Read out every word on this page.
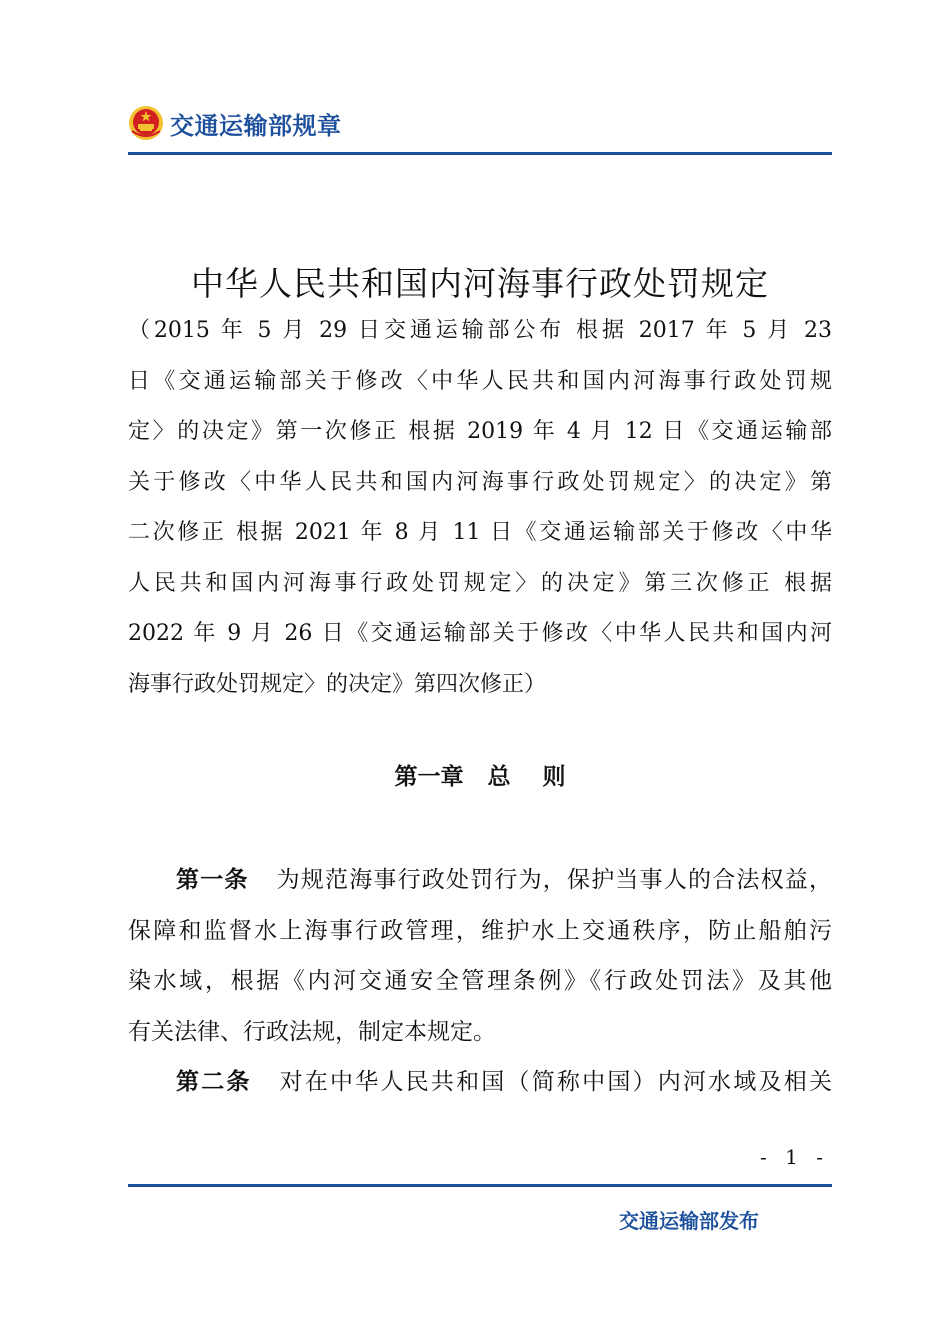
交通运输部规章
中华人民共和国内河海事行政处罚规定
（2015 年 5 月 29 日交通运输部公布 根据 2017 年 5 月 23
日《交通运输部关于修改〈中华人民共和国内河海事行政处罚规
定〉的决定》第一次修正 根据 2019 年 4 月 12 日《交通运输部
关于修改〈中华人民共和国内河海事行政处罚规定〉的决定》第
二次修正 根据 2021 年 8 月 11 日《交通运输部关于修改〈中华
人民共和国内河海事行政处罚规定〉的决定》第三次修正 根据
2022 年 9 月 26 日《交通运输部关于修改〈中华人民共和国内河
海事行政处罚规定〉的决定》第四次修正）
第一章   总    则
第一条 为规范海事行政处罚行为，保护当事人的合法权益，
保障和监督水上海事行政管理，维护水上交通秩序，防止船舶污
染水域，根据《内河交通安全管理条例》《行政处罚法》及其他
有关法律、行政法规，制定本规定。
第二条 对在中华人民共和国（简称中国）内河水域及相关
- 1 -
交通运输部发布
